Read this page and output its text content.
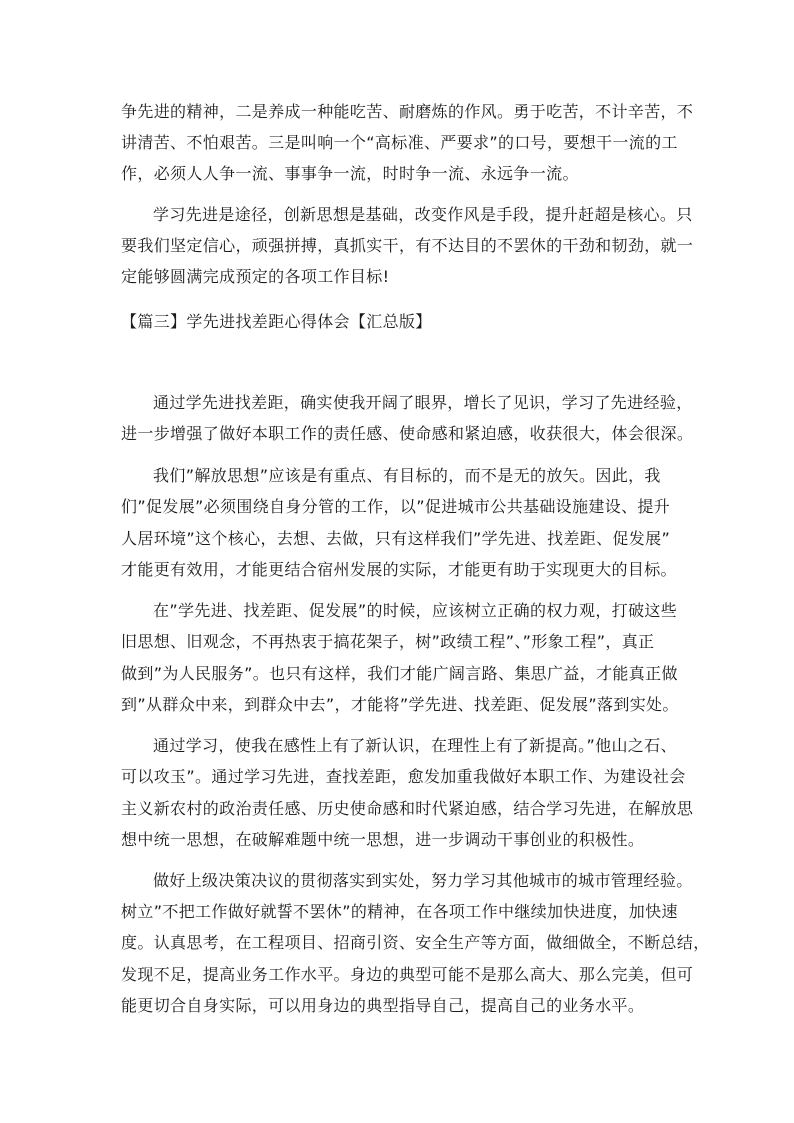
争先进的精神，二是养成一种能吃苦、耐磨炼的作风。勇于吃苦，不计辛苦，不
讲清苦、不怕艰苦。三是叫响一个“高标准、严要求”的口号，要想干一流的工
作，必须人人争一流、事事争一流，时时争一流、永远争一流。
学习先进是途径，创新思想是基础，改变作风是手段，提升赶超是核心。只
要我们坚定信心，顽强拼搏，真抓实干，有不达目的不罢休的干劲和韧劲，就一
定能够圆满完成预定的各项工作目标!
【篇三】学先进找差距心得体会【汇总版】
通过学先进找差距，确实使我开阔了眼界，增长了见识，学习了先进经验，
进一步增强了做好本职工作的责任感、使命感和紧迫感，收获很大，体会很深。
我们”解放思想”应该是有重点、有目标的，而不是无的放矢。因此，我
们”促发展”必须围绕自身分管的工作，以”促进城市公共基础设施建设、提升
人居环境”这个核心，去想、去做，只有这样我们”学先进、找差距、促发展”
才能更有效用，才能更结合宿州发展的实际，才能更有助于实现更大的目标。
在”学先进、找差距、促发展”的时候，应该树立正确的权力观，打破这些
旧思想、旧观念，不再热衷于搞花架子，树”政绩工程”、”形象工程”，真正
做到”为人民服务”。也只有这样，我们才能广阔言路、集思广益，才能真正做
到”从群众中来，到群众中去”，才能将”学先进、找差距、促发展”落到实处。
通过学习，使我在感性上有了新认识，在理性上有了新提高。”他山之石、
可以攻玉”。通过学习先进，查找差距，愈发加重我做好本职工作、为建设社会
主义新农村的政治责任感、历史使命感和时代紧迫感，结合学习先进，在解放思
想中统一思想，在破解难题中统一思想，进一步调动干事创业的积极性。
做好上级决策决议的贯彻落实到实处，努力学习其他城市的城市管理经验。
树立”不把工作做好就誓不罢休”的精神，在各项工作中继续加快进度，加快速
度。认真思考，在工程项目、招商引资、安全生产等方面，做细做全，不断总结，
发现不足，提高业务工作水平。身边的典型可能不是那么高大、那么完美，但可
能更切合自身实际，可以用身边的典型指导自己，提高自己的业务水平。
